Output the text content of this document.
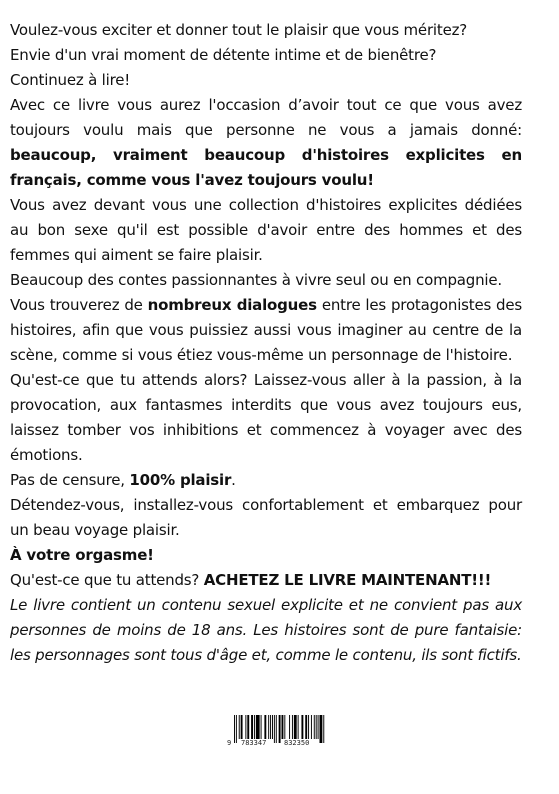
Voulez-vous exciter et donner tout le plaisir que vous méritez?

Envie d'un vrai moment de détente intime et de bienêtre?

Continuez à lire!

Avec ce livre vous aurez l'occasion d’avoir tout ce que vous avez toujours voulu mais que personne ne vous a jamais donné: beaucoup, vraiment beaucoup d'histoires explicites en français, comme vous l'avez toujours voulu!

Vous avez devant vous une collection d'histoires explicites dédiées au bon sexe qu'il est possible d'avoir entre des hommes et des femmes qui aiment se faire plaisir.

Beaucoup des contes passionnantes à vivre seul ou en compagnie.

Vous trouverez de nombreux dialogues entre les protagonistes des histoires, afin que vous puissiez aussi vous imaginer au centre de la scène, comme si vous étiez vous-même un personnage de l'histoire.

Qu'est-ce que tu attends alors? Laissez-vous aller à la passion, à la provocation, aux fantasmes interdits que vous avez toujours eus, laissez tomber vos inhibitions et commencez à voyager avec des émotions.

Pas de censure, 100% plaisir.

Détendez-vous, installez-vous confortablement et embarquez pour un beau voyage plaisir.

À votre orgasme!

Qu'est-ce que tu attends? ACHETEZ LE LIVRE MAINTENANT!!!

Le livre contient un contenu sexuel explicite et ne convient pas aux personnes de moins de 18 ans. Les histoires sont de pure fantaisie: les personnages sont tous d'âge et, comme le contenu, ils sont fictifs.

9 783347	832350
